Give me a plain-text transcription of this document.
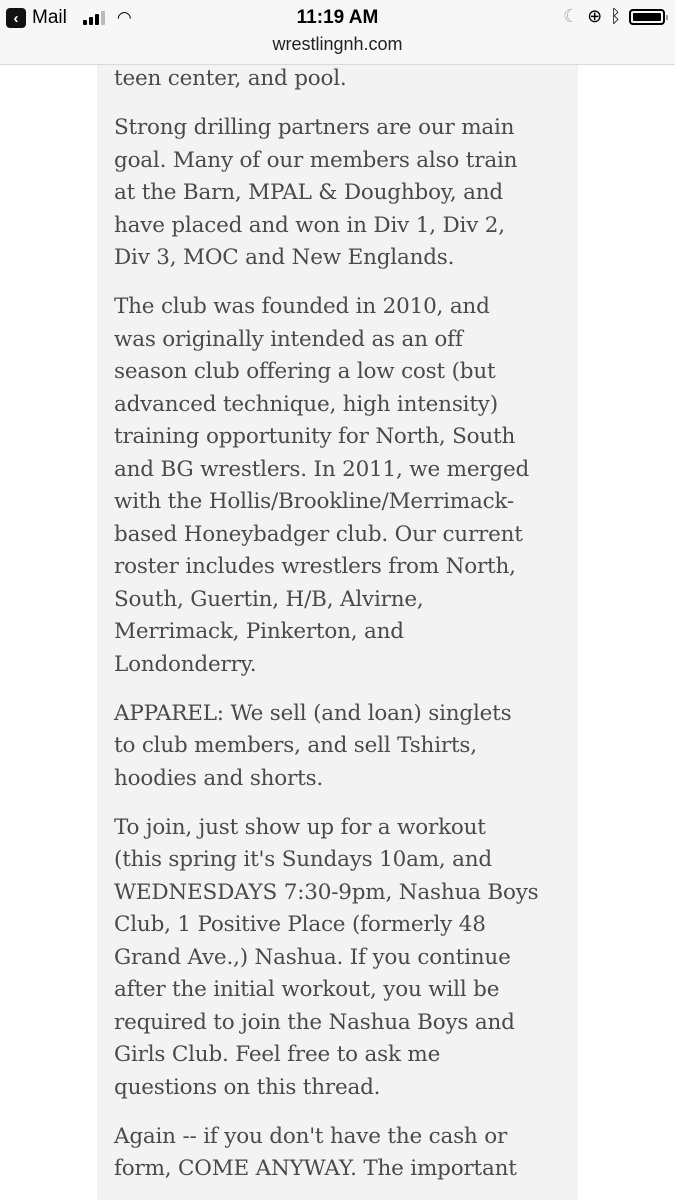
‹ Mail	◠	11:19 AM
wrestlingnh.com
☾ ⊕ ᛒ
teen center, and pool.
Strong drilling partners are our main
goal. Many of our members also train
at the Barn, MPAL & Doughboy, and
have placed and won in Div 1, Div 2,
Div 3, MOC and New Englands.
The club was founded in 2010, and
was originally intended as an off
season club offering a low cost (but
advanced technique, high intensity)
training opportunity for North, South
and BG wrestlers. In 2011, we merged
with the Hollis/Brookline/Merrimack-
based Honeybadger club. Our current
roster includes wrestlers from North,
South, Guertin, H/B, Alvirne,
Merrimack, Pinkerton, and
Londonderry.
APPAREL: We sell (and loan) singlets
to club members, and sell Tshirts,
hoodies and shorts.
To join, just show up for a workout
(this spring it's Sundays 10am, and
WEDNESDAYS 7:30-9pm, Nashua Boys
Club, 1 Positive Place (formerly 48
Grand Ave.,) Nashua. If you continue
after the initial workout, you will be
required to join the Nashua Boys and
Girls Club. Feel free to ask me
questions on this thread.
Again -- if you don't have the cash or
form, COME ANYWAY. The important
